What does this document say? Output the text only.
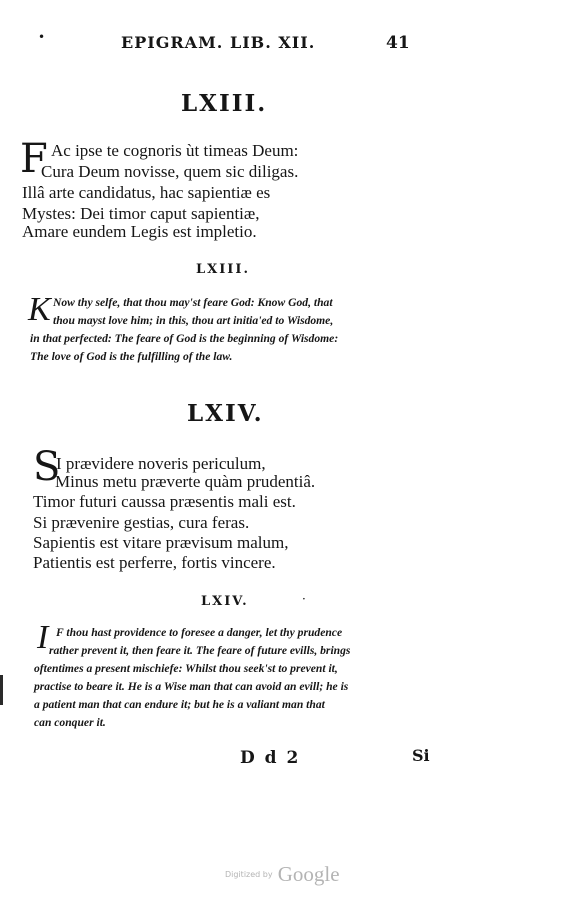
•	EPIGRAM. LIB. XII.	41
LXIII.
F Ac ipse te cognoris ùt timeas Deum:
Cura Deum novisse, quem sic diligas.
Illâ arte candidatus, hac sapientiæ es
Mystes: Dei timor caput sapientiæ,
Amare eundem Legis est impletio.
LXIII.
K Now thy selfe, that thou may'st feare God: Know God, that
thou mayst love him; in this, thou art initia'ed to Wisdome,
in that perfected: The feare of God is the beginning of Wisdome:
The love of God is the fulfilling of the law.
LXIV.
S
I prævidere noveris periculum,
Minus metu præverte quàm prudentiâ.
Timor futuri caussa præsentis mali est.
Si prævenire gestias, cura feras.
Sapientis est vitare prævisum malum,
Patientis est perferre, fortis vincere.
LXIV.	·
I F thou hast providence to foresee a danger, let thy prudence
rather prevent it, then feare it. The feare of future evills, brings
oftentimes a present mischiefe: Whilst thou seek'st to prevent it,
practise to beare it. He is a Wise man that can avoid an evill; he is
a patient man that can endure it; but he is a valiant man that
can conquer it.
D d 2	Si
Digitized by Google
